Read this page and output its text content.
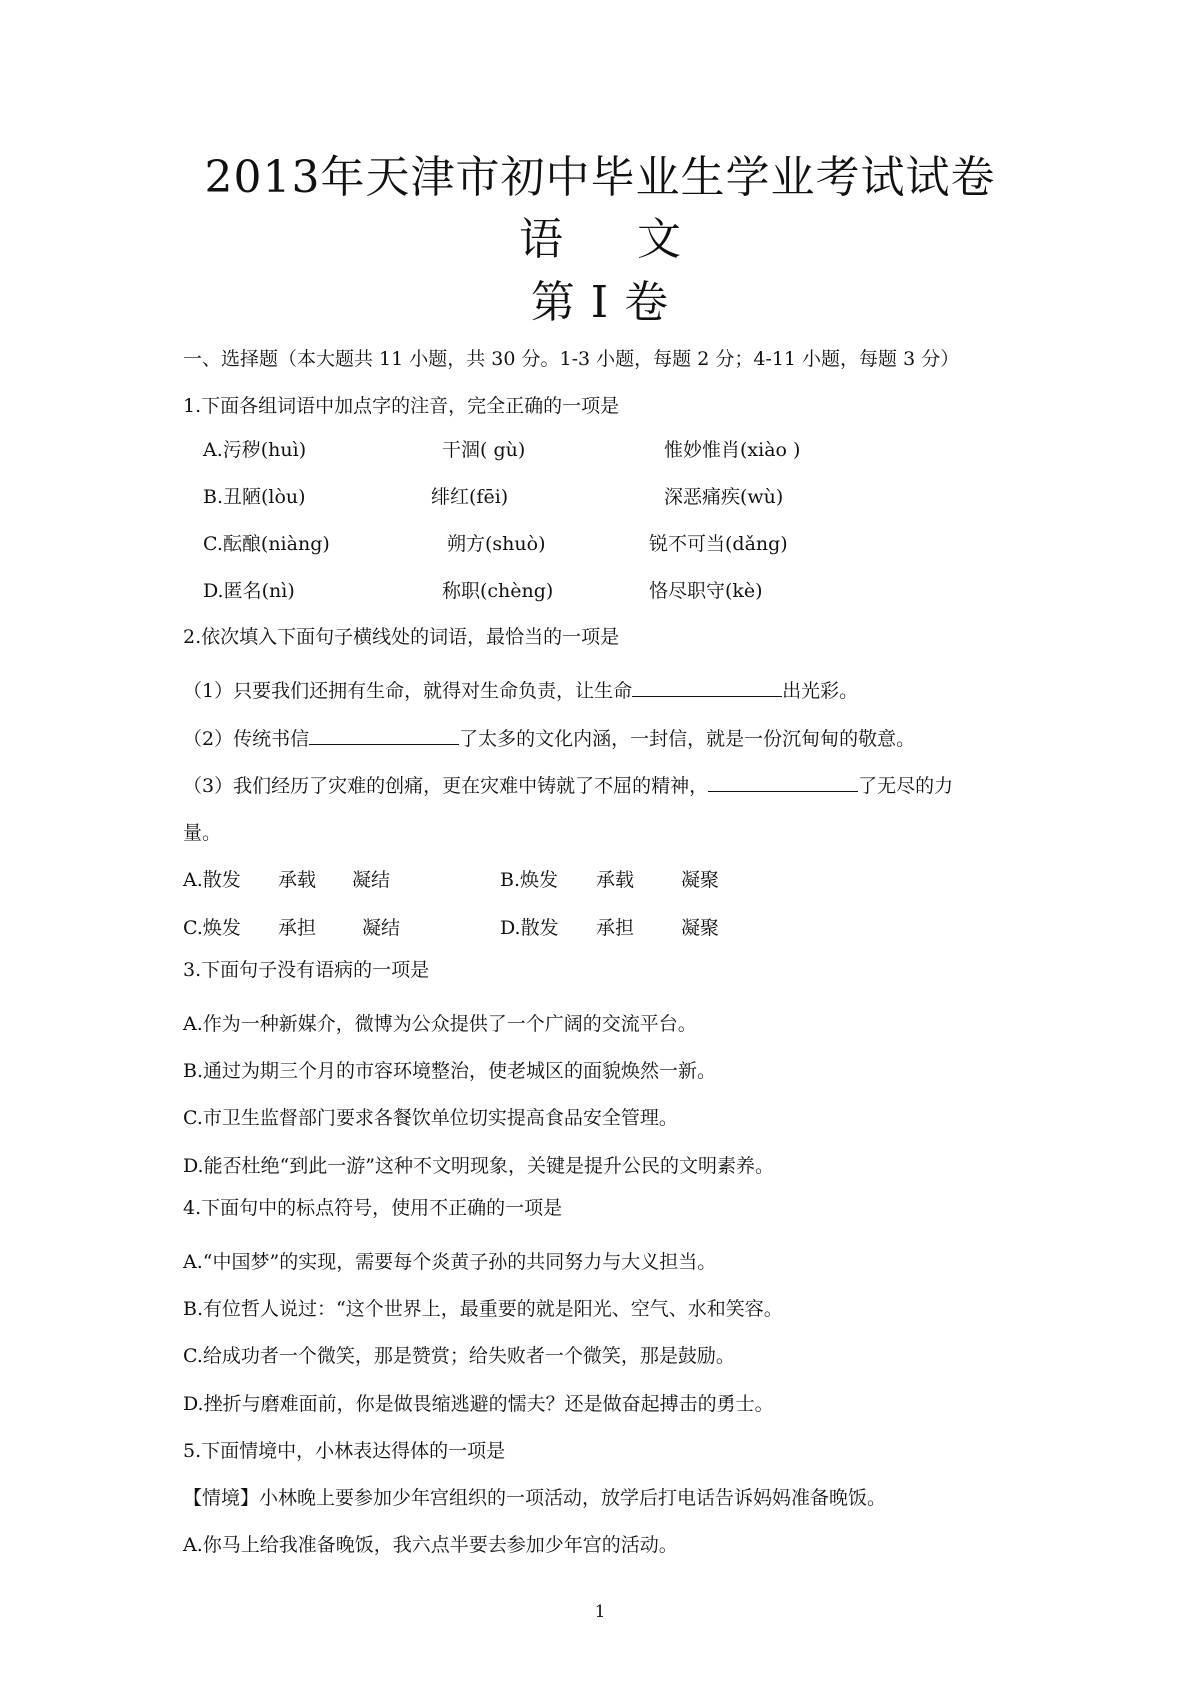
2013年天津市初中毕业生学业考试试卷
语 文
第 I 卷
一、选择题（本大题共 11 小题，共 30 分。1-3 小题，每题 2 分；4-11 小题，每题 3 分）
1.下面各组词语中加点字的注音，完全正确的一项是
A.污秽(huì)	干涸( gù)	惟妙惟肖(xiào )
B.丑陋(lòu)	绯红(fēi)	深恶痛疾(wù)
C.酝酿(niàng)	朔方(shuò)	锐不可当(dǎng)
D.匿名(nì)	称职(chèng)	恪尽职守(kè)
2.依次填入下面句子横线处的词语，最恰当的一项是
（1）只要我们还拥有生命，就得对生命负责，让生命	出光彩。
（2）传统书信	了太多的文化内涵，一封信，就是一份沉甸甸的敬意。
（3）我们经历了灾难的创痛，更在灾难中铸就了不屈的精神，	了无尽的力
量。
A.散发 承载 凝结	B.焕发 承载 凝聚
C.焕发 承担 凝结	D.散发 承担 凝聚
3.下面句子没有语病的一项是
A.作为一种新媒介，微博为公众提供了一个广阔的交流平台。
B.通过为期三个月的市容环境整治，使老城区的面貌焕然一新。
C.市卫生监督部门要求各餐饮单位切实提高食品安全管理。
D.能否杜绝“到此一游”这种不文明现象，关键是提升公民的文明素养。
4.下面句中的标点符号，使用不正确的一项是
A.“中国梦”的实现，需要每个炎黄子孙的共同努力与大义担当。
B.有位哲人说过：“这个世界上，最重要的就是阳光、空气、水和笑容。
C.给成功者一个微笑，那是赞赏；给失败者一个微笑，那是鼓励。
D.挫折与磨难面前，你是做畏缩逃避的懦夫？还是做奋起搏击的勇士。
5.下面情境中，小林表达得体的一项是
【情境】小林晚上要参加少年宫组织的一项活动，放学后打电话告诉妈妈准备晚饭。
A.你马上给我准备晚饭，我六点半要去参加少年宫的活动。
1
